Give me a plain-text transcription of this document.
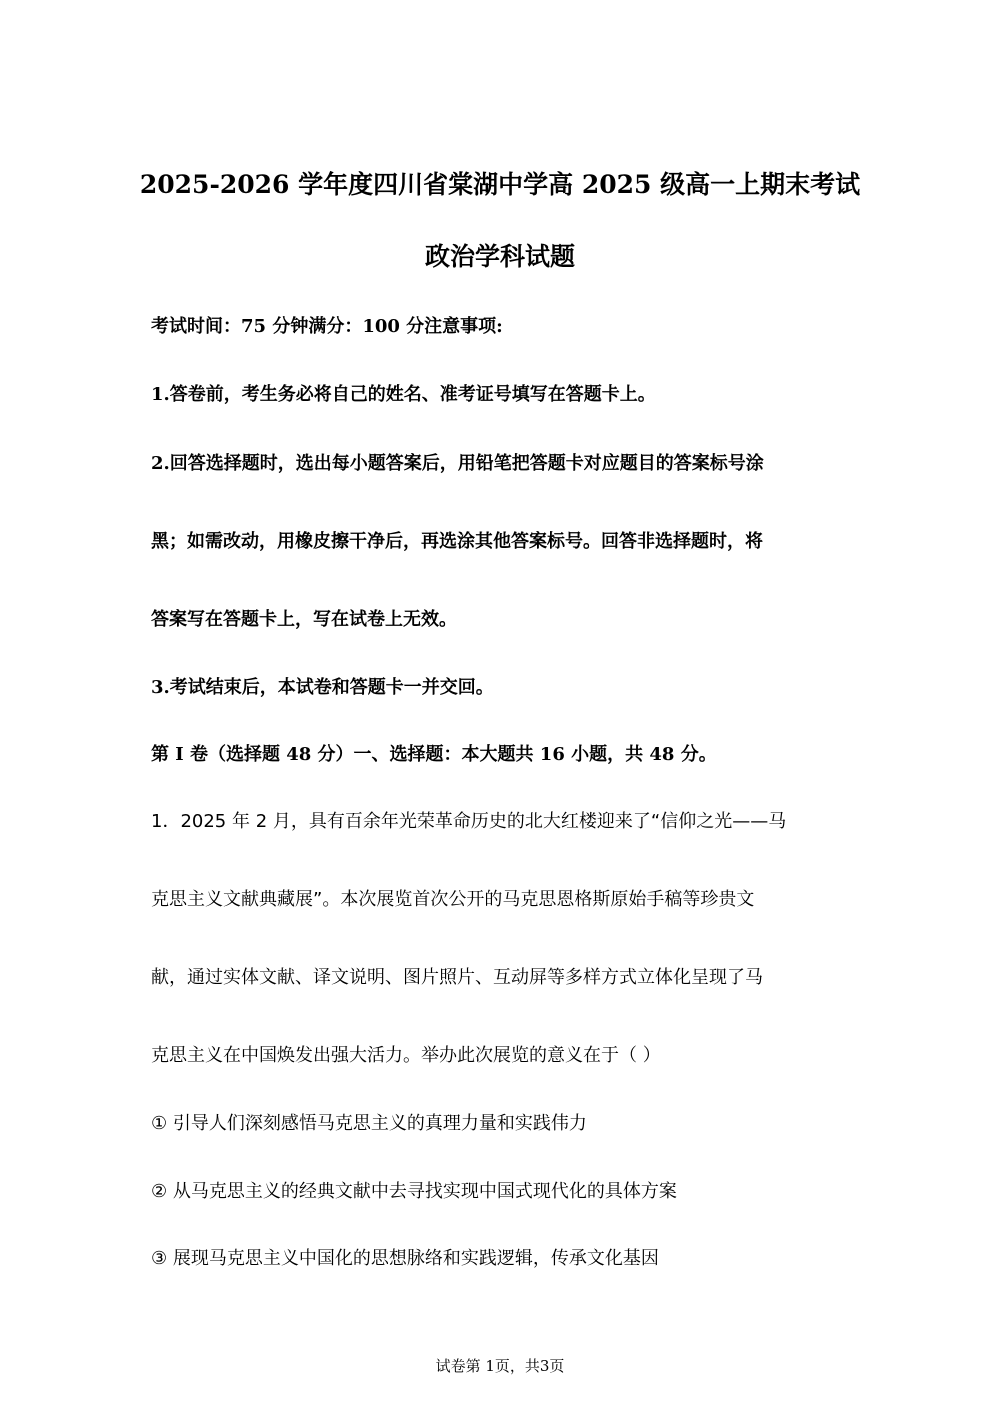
2025-2026 学年度四川省棠湖中学高 2025 级高一上期末考试
政治学科试题
考试时间：75 分钟满分：100 分注意事项:
1.答卷前，考生务必将自己的姓名、准考证号填写在答题卡上。
2.回答选择题时，选出每小题答案后，用铅笔把答题卡对应题目的答案标号涂
黑；如需改动，用橡皮擦干净后，再选涂其他答案标号。回答非选择题时，将
答案写在答题卡上，写在试卷上无效。
3.考试结束后，本试卷和答题卡一并交回。
第 I 卷（选择题 48 分）一、选择题：本大题共 16 小题，共 48 分。
1．2025 年 2 月，具有百余年光荣革命历史的北大红楼迎来了“信仰之光——马
克思主义文献典藏展”。本次展览首次公开的马克思恩格斯原始手稿等珍贵文
献，通过实体文献、译文说明、图片照片、互动屏等多样方式立体化呈现了马
克思主义在中国焕发出强大活力。举办此次展览的意义在于（ ）
① 引导人们深刻感悟马克思主义的真理力量和实践伟力
② 从马克思主义的经典文献中去寻找实现中国式现代化的具体方案
③ 展现马克思主义中国化的思想脉络和实践逻辑，传承文化基因
试卷第 1页，共3页
